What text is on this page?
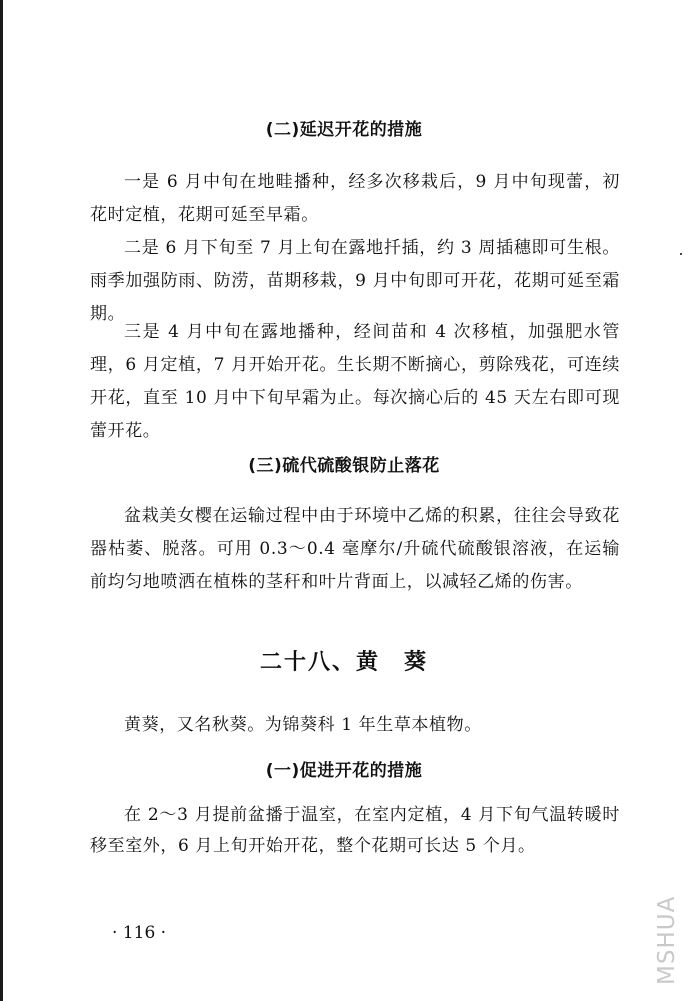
(二)延迟开花的措施

一是 6 月中旬在地畦播种，经多次移栽后，9 月中旬现蕾，初花时定植，花期可延至早霜。

二是 6 月下旬至 7 月上旬在露地扦插，约 3 周插穗即可生根。雨季加强防雨、防涝，苗期移栽，9 月中旬即可开花，花期可延至霜期。

三是 4 月中旬在露地播种，经间苗和 4 次移植，加强肥水管理，6 月定植，7 月开始开花。生长期不断摘心，剪除残花，可连续开花，直至 10 月中下旬早霜为止。每次摘心后的 45 天左右即可现蕾开花。

(三)硫代硫酸银防止落花

盆栽美女樱在运输过程中由于环境中乙烯的积累，往往会导致花器枯萎、脱落。可用 0.3～0.4 毫摩尔/升硫代硫酸银溶液，在运输前均匀地喷洒在植株的茎秆和叶片背面上，以减轻乙烯的伤害。

二十八、黄　葵

黄葵，又名秋葵。为锦葵科 1 年生草本植物。

(一)促进开花的措施

在 2～3 月提前盆播于温室，在室内定植，4 月下旬气温转暖时移至室外，6 月上旬开始开花，整个花期可长达 5 个月。

· 116 ·	MSHUA
